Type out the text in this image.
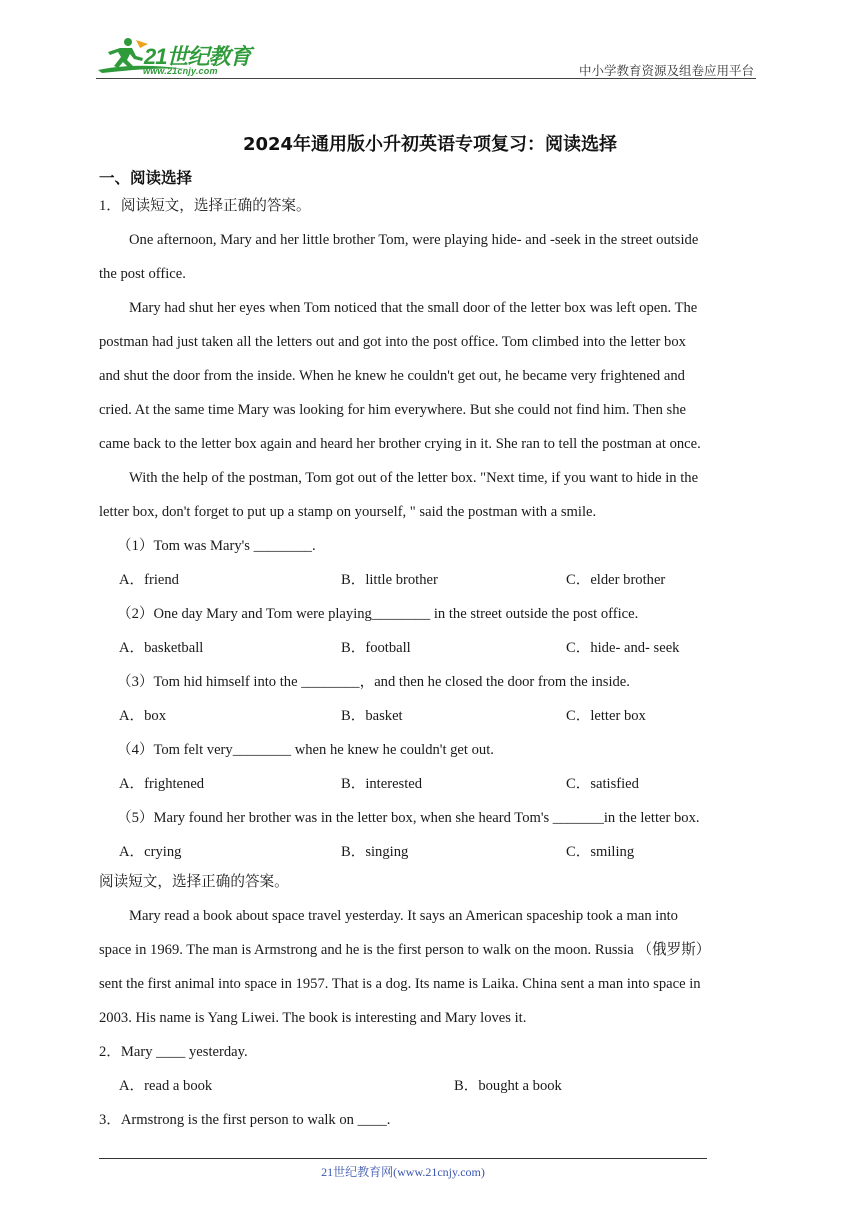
21世纪教育
www.21cnjy.com	中小学教育资源及组卷应用平台
2024年通用版小升初英语专项复习：阅读选择
一、阅读选择
1．阅读短文，选择正确的答案。
One afternoon, Mary and her little brother Tom, were playing hide- and -seek in the street outside
the post office.
Mary had shut her eyes when Tom noticed that the small door of the letter box was left open. The
postman had just taken all the letters out and got into the post office. Tom climbed into the letter box
and shut the door from the inside. When he knew he couldn't get out, he became very frightened and
cried. At the same time Mary was looking for him everywhere. But she could not find him. Then she
came back to the letter box again and heard her brother crying in it. She ran to tell the postman at once.
With the help of the postman, Tom got out of the letter box. "Next time, if you want to hide in the
letter box, don't forget to put up a stamp on yourself, " said the postman with a smile.
（1）Tom was Mary's ________.
A．friend	B．little brother	C．elder brother
（2）One day Mary and Tom were playing________ in the street outside the post office.
A．basketball	B．football	C．hide- and- seek
（3）Tom hid himself into the ________，and then he closed the door from the inside.
A．box	B．basket	C．letter box
（4）Tom felt very________ when he knew he couldn't get out.
A．frightened	B．interested	C．satisfied
（5）Mary found her brother was in the letter box, when she heard Tom's _______in the letter box.
A．crying	B．singing	C．smiling
阅读短文，选择正确的答案。
Mary read a book about space travel yesterday. It says an American spaceship took a man into
space in 1969. The man is Armstrong and he is the first person to walk on the moon. Russia （俄罗斯）
sent the first animal into space in 1957. That is a dog. Its name is Laika. China sent a man into space in
2003. His name is Yang Liwei. The book is interesting and Mary loves it.
2．Mary ____ yesterday.
A．read a book	B．bought a book
3．Armstrong is the first person to walk on ____.
21世纪教育网(www.21cnjy.com)
